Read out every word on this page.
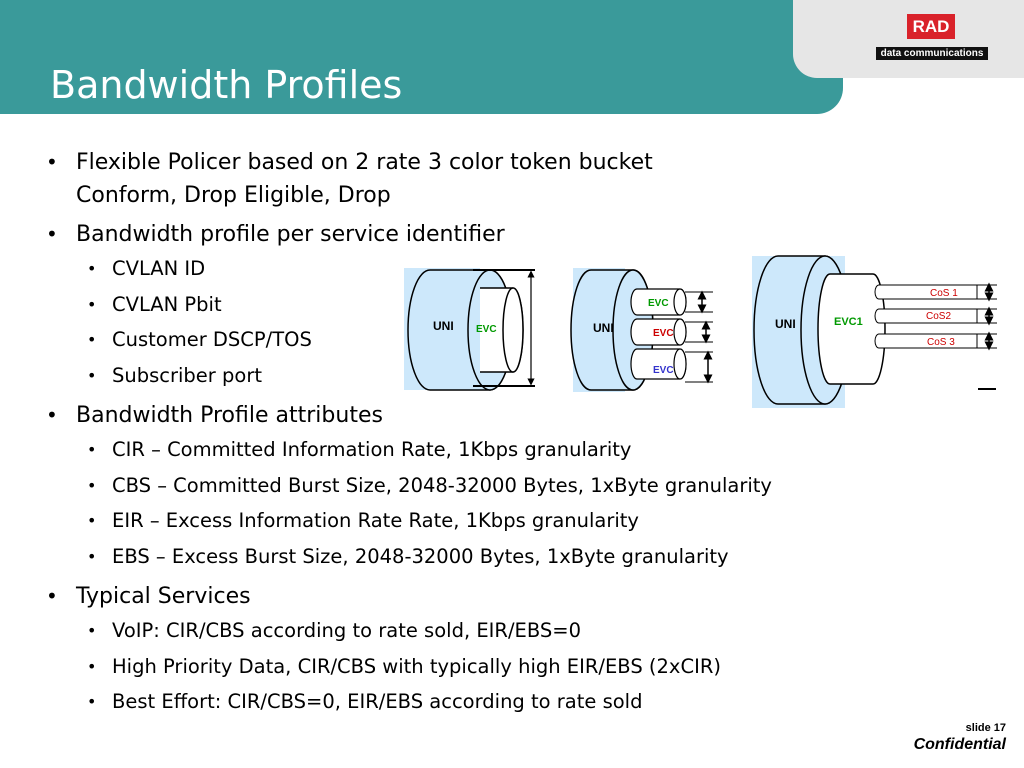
RAD
data communications
Bandwidth Profiles
• Flexible Policer based on 2 rate 3 color token bucket
Conform, Drop Eligible, Drop
• Bandwidth profile per service identifier
• CVLAN ID
• CVLAN Pbit
• Customer DSCP/TOS
• Subscriber port
• Bandwidth Profile attributes
• CIR – Committed Information Rate, 1Kbps granularity
• CBS – Committed Burst Size, 2048-32000 Bytes, 1xByte granularity
• EIR – Excess Information Rate Rate, 1Kbps granularity
• EBS – Excess Burst Size, 2048-32000 Bytes, 1xByte granularity
• Typical Services
• VoIP: CIR/CBS according to rate sold, EIR/EBS=0
• High Priority Data, CIR/CBS with typically high EIR/EBS (2xCIR)
• Best Effort: CIR/CBS=0, EIR/EBS according to rate sold
UNI EVC	UNI
EVC
EVC
EVC
UNI	EVC1
CoS 1
CoS2
CoS 3
slide 17
Confidential
